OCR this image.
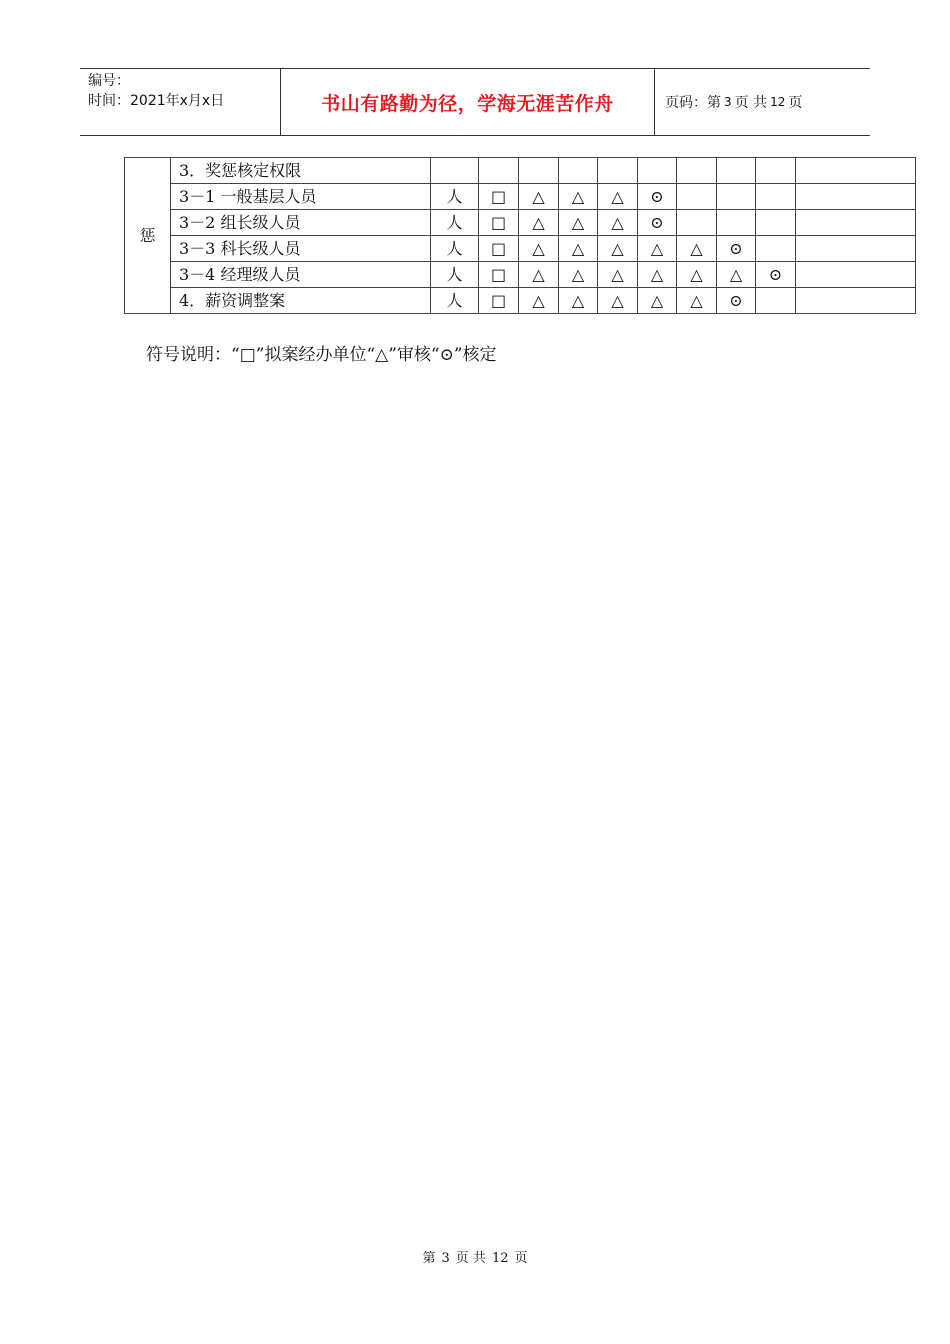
编号：
时间：2021年x月x日	书山有路勤为径，学海无涯苦作舟	页码：第 3 页 共 12 页
惩	3．奖惩核定权限										
	3－1 一般基层人员	人	□	△	△	△	⊙				
	3－2 组长级人员	人	□	△	△	△	⊙				
	3－3 科长级人员	人	□	△	△	△	△	△	⊙		
	3－4 经理级人员	人	□	△	△	△	△	△	△	⊙	
	4．薪资调整案	人	□	△	△	△	△	△	⊙		
符号说明：“□”拟案经办单位“△”审核“⊙”核定
第 3 页 共 12 页
